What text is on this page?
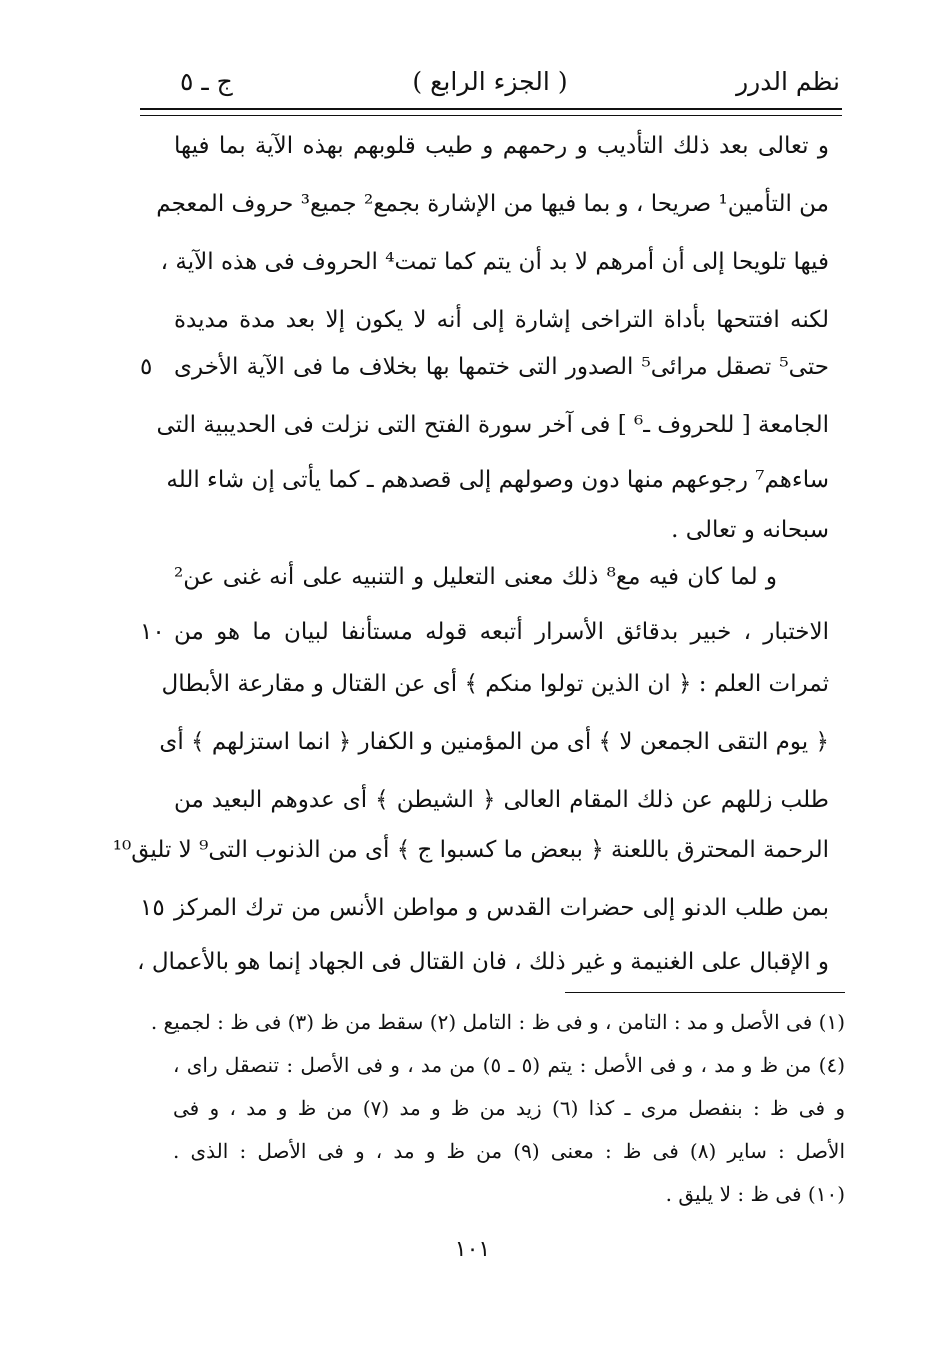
نظم الدرر
( الجزء الرابع )
ج ـ ٥
و تعالى بعد ذلك التأديب و رحمهم و طيب قلوبهم بهذه الآية بما فيها
من التأمين¹ صريحا ، و بما فيها من الإشارة بجمع² جميع³ حروف المعجم
فيها تلويحا إلى أن أمرهم لا بد أن يتم كما تمت⁴ الحروف فى هذه الآية ،
لكنه افتتحها بأداة التراخى إشارة إلى أنه لا يكون إلا بعد مدة مديدة
حتى⁵ تصقل مرائى⁵ الصدور التى ختمها بها بخلاف ما فى الآية الأخرى
الجامعة [ للحروف ـ⁶ ] فى آخر سورة الفتح التى نزلت فى الحديبية التى
ساءهم⁷ رجوعهم منها دون وصولهم إلى قصدهم ـ كما يأتى إن شاء الله
سبحانه و تعالى .
و لما كان فيه مع⁸ ذلك معنى التعليل و التنبيه على أنه غنى عن²
الاختبار ، خبير بدقائق الأسرار أتبعه قوله مستأنفا لبيان ما هو من
ثمرات العلم : ﴿ ان الذين تولوا منكم ﴾ أى عن القتال و مقارعة الأبطال
﴿ يوم التقى الجمعن لا ﴾ أى من المؤمنين و الكفار ﴿ انما استزلهم ﴾ أى
طلب زللهم عن ذلك المقام العالى ﴿ الشيطن ﴾ أى عدوهم البعيد من
الرحمة المحترق باللعنة ﴿ ببعض ما كسبوا ج ﴾ أى من الذنوب التى⁹ لا تليق¹⁰
بمن طلب الدنو إلى حضرات القدس و مواطن الأنس من ترك المركز
و الإقبال على الغنيمة و غير ذلك ، فان القتال فى الجهاد إنما هو بالأعمال ،
٥
١٠
١٥
(١) فى الأصل و مد : التامن ، و فى ظ : التامل (٢) سقط من ظ (٣) فى ظ : لجميع .
(٤) من ظ و مد ، و فى الأصل : يتم (٥ ـ ٥) من مد ، و فى الأصل : تنصقل راى ،
و فى ظ : بنفصل مرى ـ كذا (٦) زيد من ظ و مد (٧) من ظ و مد ، و فى
الأصل : ساير (٨) فى ظ : معنى (٩) من ظ و مد ، و فى الأصل : الذى .
(١٠) فى ظ : لا يليق .
١٠١
